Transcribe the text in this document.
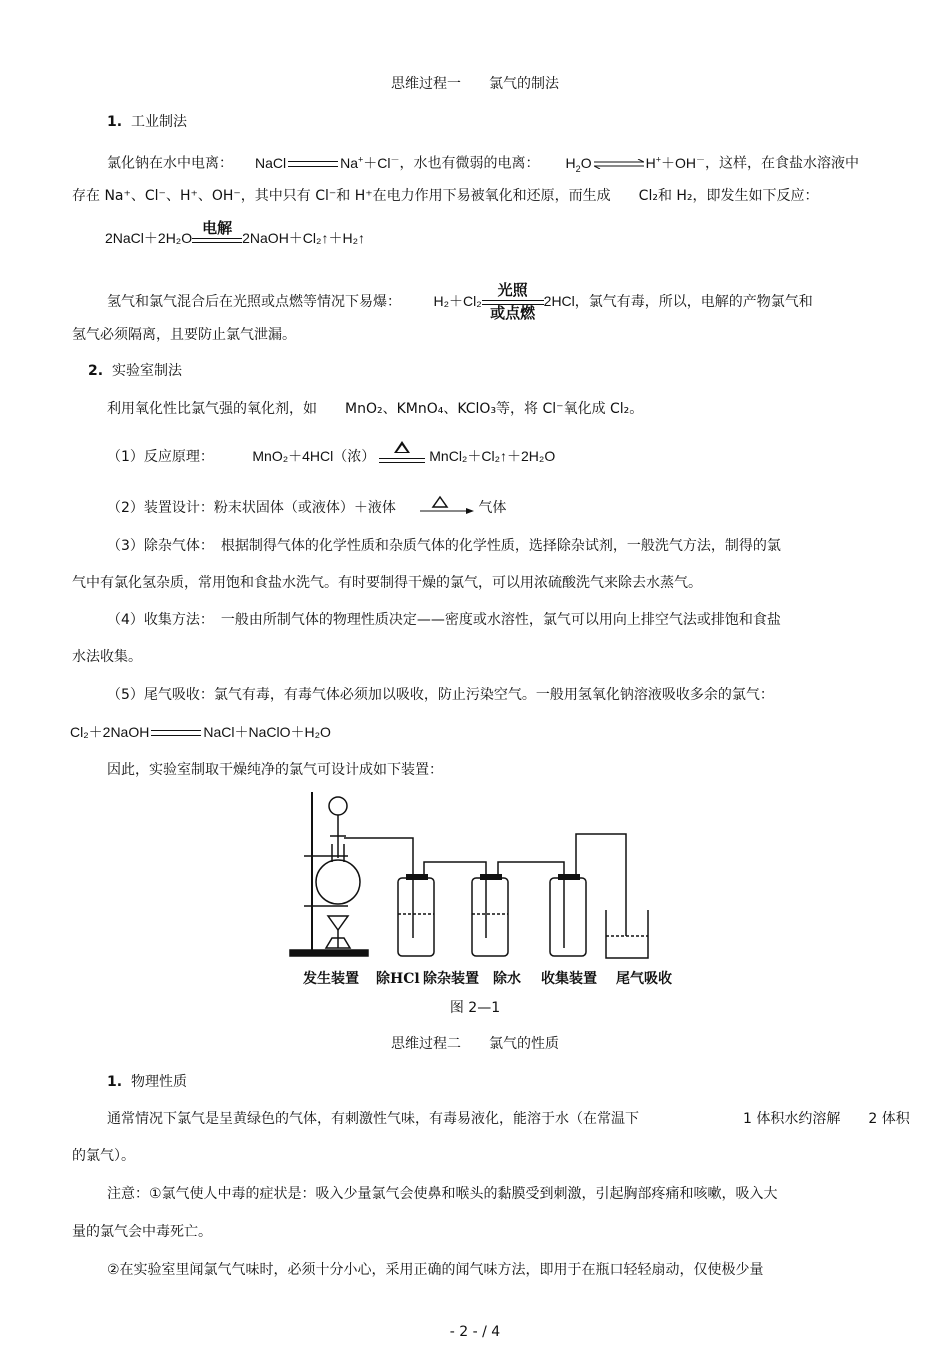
思维过程一　　氯气的制法
1. 工业制法
氯化钠在水中电离： NaCl	Na+＋Cl－，水也有微弱的电离： $H_2O$	H+＋OH－，这样，在食盐水溶液中
存在 Na⁺、Cl⁻、H⁺、OH⁻，其中只有 Cl⁻和 H⁺在电力作用下易被氧化和还原，而生成　　Cl₂和 H₂，即发生如下反应：
2NaCl＋2H₂O
电解
2NaOH＋Cl₂↑＋H₂↑
氢气和氯气混合后在光照或点燃等情况下易爆： H₂＋Cl₂
光照
或点燃
2HCl，氯气有毒，所以，电解的产物氯气和
氢气必须隔离，且要防止氯气泄漏。
2. 实验室制法
利用氧化性比氯气强的氧化剂，如　　MnO₂、KMnO₄、KClO₃等，将 Cl⁻氧化成 Cl₂。
（1）反应原理：	MnO₂＋4HCl（浓）	MnCl₂＋Cl₂↑＋2H₂O
（2）装置设计：粉末状固体（或液体）＋液体	气体
（3）除杂气体：　根据制得气体的化学性质和杂质气体的化学性质，选择除杂试剂，一般洗气方法，制得的氯
气中有氯化氢杂质，常用饱和食盐水洗气。有时要制得干燥的氯气，可以用浓硫酸洗气来除去水蒸气。
（4）收集方法：　一般由所制气体的物理性质决定——密度或水溶性，氯气可以用向上排空气法或排饱和食盐
水法收集。
（5）尾气吸收：氯气有毒，有毒气体必须加以吸收，防止污染空气。一般用氢氧化钠溶液吸收多余的氯气：
Cl₂＋2NaOH	NaCl＋NaClO＋H₂O
因此，实验室制取干燥纯净的氯气可设计成如下装置：
发生装置 除HCl 除杂装置 除水 收集装置 尾气吸收
图 2—1
思维过程二　　氯气的性质
1. 物理性质
通常情况下氯气是呈黄绿色的气体，有刺激性气味，有毒易液化，能溶于水（在常温下	1 体积水约溶解　　2 体积
的氯气）。
注意：①氯气使人中毒的症状是：吸入少量氯气会使鼻和喉头的黏膜受到刺激，引起胸部疼痛和咳嗽，吸入大
量的氯气会中毒死亡。
②在实验室里闻氯气气味时，必须十分小心，采用正确的闻气味方法，即用于在瓶口轻轻扇动，仅使极少量
- 2 - / 4
